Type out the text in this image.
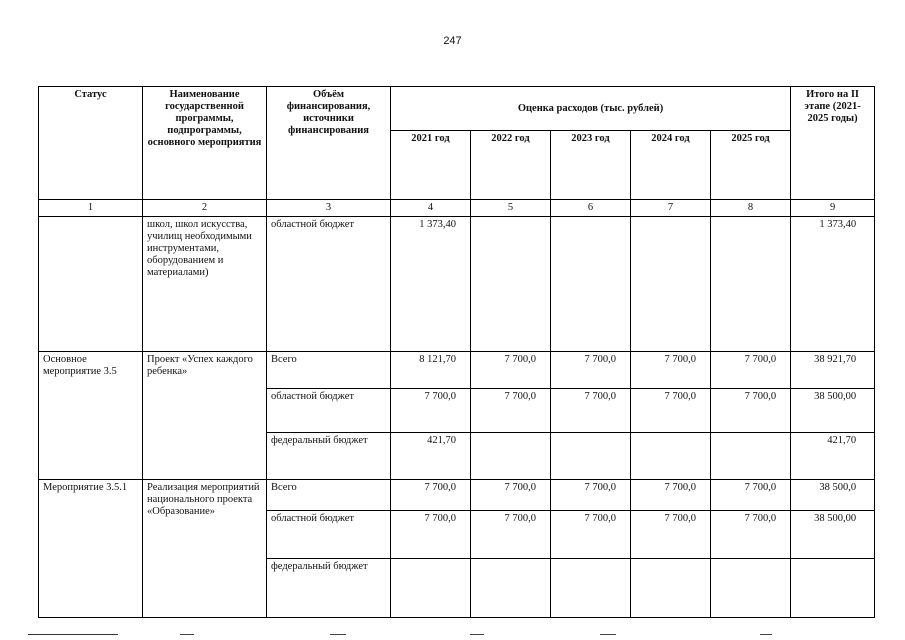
247
Статус	Наименование государственной программы, подпрограммы, основного мероприятия	Объём финансирования, источники финансирования	Оценка расходов (тыс. рублей)					Итого на II этапе (2021-2025 годы)
			2021 год	2022 год	2023 год	2024 год	2025 год	
1	2	3	4	5	6	7	8	9
	школ, школ искусства, училищ необходимыми инструментами, оборудованием и материалами)	областной бюджет	1 373,40					1 373,40
Основное мероприятие 3.5	Проект «Успех каждого ребенка»	Всего	8 121,70	7 700,0	7 700,0	7 700,0	7 700,0	38 921,70
		областной бюджет	7 700,0	7 700,0	7 700,0	7 700,0	7 700,0	38 500,00
		федеральный бюджет	421,70					421,70
Мероприятие 3.5.1	Реализация мероприятий национального проекта «Образование»	Всего	7 700,0	7 700,0	7 700,0	7 700,0	7 700,0	38 500,0
		областной бюджет	7 700,0	7 700,0	7 700,0	7 700,0	7 700,0	38 500,00
		федеральный бюджет						
